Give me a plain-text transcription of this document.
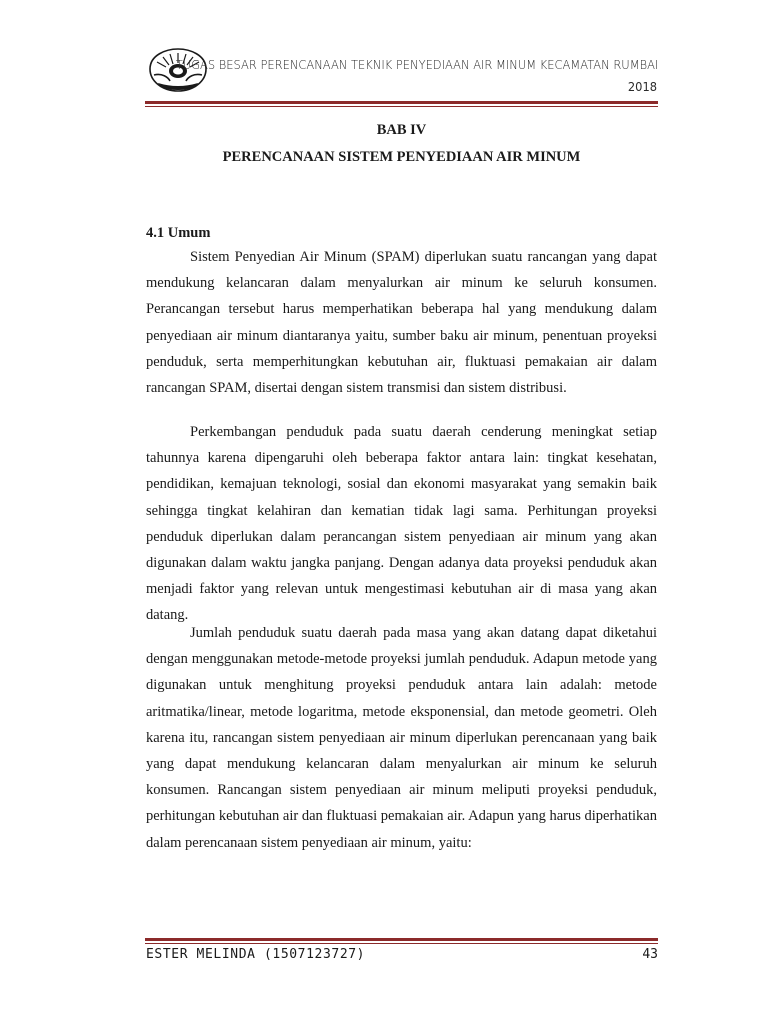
TUGAS BESAR PERENCANAAN TEKNIK PENYEDIAAN AIR MINUM KECAMATAN RUMBAI
2018
BAB IV
PERENCANAAN SISTEM PENYEDIAAN AIR MINUM
4.1 Umum

Sistem Penyedian Air Minum (SPAM) diperlukan suatu rancangan yang dapat mendukung kelancaran dalam menyalurkan air minum ke seluruh konsumen. Perancangan tersebut harus memperhatikan beberapa hal yang mendukung dalam penyediaan air minum diantaranya yaitu, sumber baku air minum, penentuan proyeksi penduduk, serta memperhitungkan kebutuhan air, fluktuasi pemakaian air dalam rancangan SPAM, disertai dengan sistem transmisi dan sistem distribusi.

Perkembangan penduduk pada suatu daerah cenderung meningkat setiap tahunnya karena dipengaruhi oleh beberapa faktor antara lain: tingkat kesehatan, pendidikan, kemajuan teknologi, sosial dan ekonomi masyarakat yang semakin baik sehingga tingkat kelahiran dan kematian tidak lagi sama. Perhitungan proyeksi penduduk diperlukan dalam perancangan sistem penyediaan air minum yang akan digunakan dalam waktu jangka panjang. Dengan adanya data proyeksi penduduk akan menjadi faktor yang relevan untuk mengestimasi kebutuhan air di masa yang akan datang.

Jumlah penduduk suatu daerah pada masa yang akan datang dapat diketahui dengan menggunakan metode-metode proyeksi jumlah penduduk. Adapun metode yang digunakan untuk menghitung proyeksi penduduk antara lain adalah: metode aritmatika/linear, metode logaritma, metode eksponensial, dan metode geometri. Oleh karena itu, rancangan sistem penyediaan air minum diperlukan perencanaan yang baik yang dapat mendukung kelancaran dalam menyalurkan air minum ke seluruh konsumen. Rancangan sistem penyediaan air minum meliputi proyeksi penduduk, perhitungan kebutuhan air dan fluktuasi pemakaian air. Adapun yang harus diperhatikan dalam perencanaan sistem penyediaan air minum, yaitu:

ESTER MELINDA (1507123727)	43
